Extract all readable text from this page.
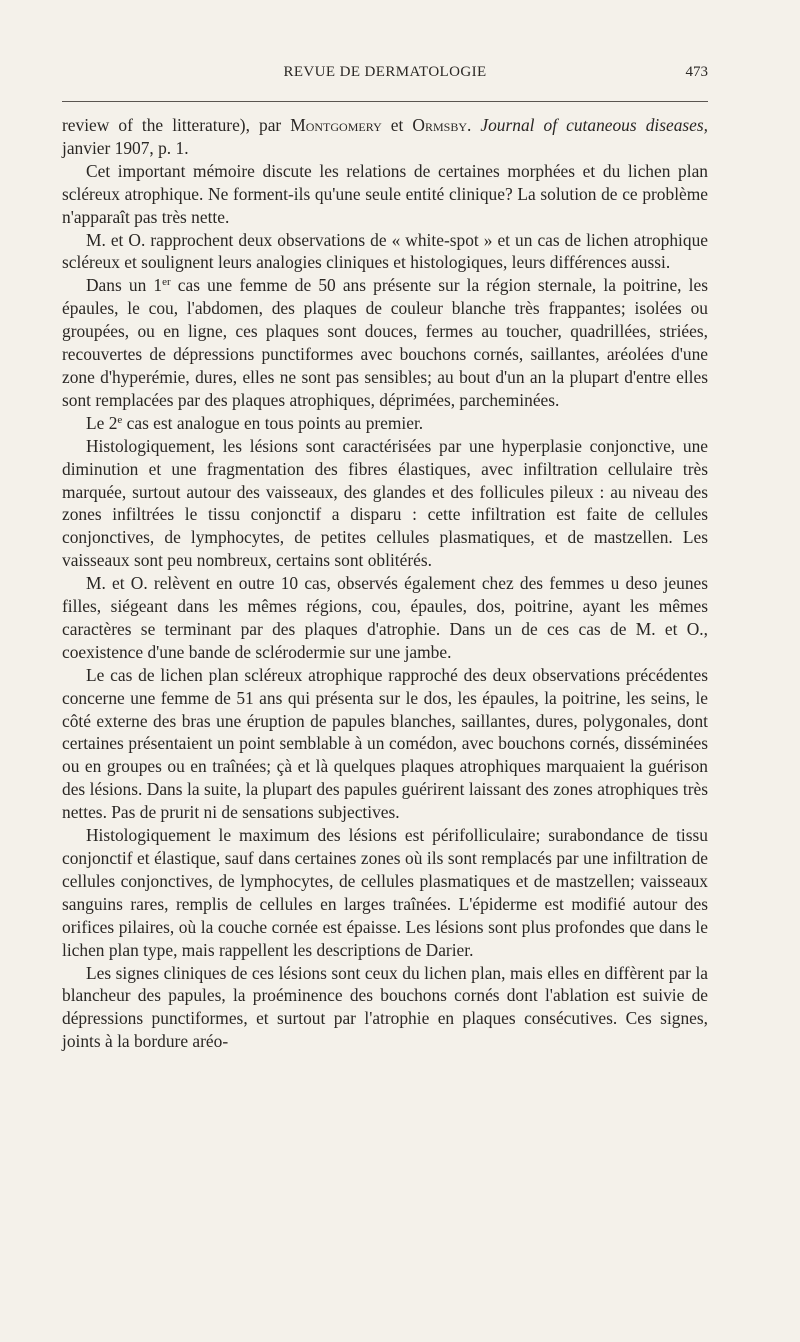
REVUE DE DERMATOLOGIE	473

review of the litterature), par Montgomery et Ormsby. Journal of cutaneous diseases, janvier 1907, p. 1.

Cet important mémoire discute les relations de certaines morphées et du lichen plan scléreux atrophique. Ne forment-ils qu'une seule entité clinique? La solution de ce problème n'apparaît pas très nette.

M. et O. rapprochent deux observations de « white-spot » et un cas de lichen atrophique scléreux et soulignent leurs analogies cliniques et histologiques, leurs différences aussi.

Dans un 1er cas une femme de 50 ans présente sur la région sternale, la poitrine, les épaules, le cou, l'abdomen, des plaques de couleur blanche très frappantes; isolées ou groupées, ou en ligne, ces plaques sont douces, fermes au toucher, quadrillées, striées, recouvertes de dépressions punctiformes avec bouchons cornés, saillantes, aréolées d'une zone d'hyperémie, dures, elles ne sont pas sensibles; au bout d'un an la plupart d'entre elles sont remplacées par des plaques atrophiques, déprimées, parcheminées.

Le 2e cas est analogue en tous points au premier.

Histologiquement, les lésions sont caractérisées par une hyperplasie conjonctive, une diminution et une fragmentation des fibres élastiques, avec infiltration cellulaire très marquée, surtout autour des vaisseaux, des glandes et des follicules pileux : au niveau des zones infiltrées le tissu conjonctif a disparu : cette infiltration est faite de cellules conjonctives, de lymphocytes, de petites cellules plasmatiques, et de mastzellen. Les vaisseaux sont peu nombreux, certains sont oblitérés.

M. et O. relèvent en outre 10 cas, observés également chez des femmes u deso jeunes filles, siégeant dans les mêmes régions, cou, épaules, dos, poitrine, ayant les mêmes caractères se terminant par des plaques d'atrophie. Dans un de ces cas de M. et O., coexistence d'une bande de sclérodermie sur une jambe.

Le cas de lichen plan scléreux atrophique rapproché des deux observations précédentes concerne une femme de 51 ans qui présenta sur le dos, les épaules, la poitrine, les seins, le côté externe des bras une éruption de papules blanches, saillantes, dures, polygonales, dont certaines présentaient un point semblable à un comédon, avec bouchons cornés, disséminées ou en groupes ou en traînées; çà et là quelques plaques atrophiques marquaient la guérison des lésions. Dans la suite, la plupart des papules guérirent laissant des zones atrophiques très nettes. Pas de prurit ni de sensations subjectives.

Histologiquement le maximum des lésions est périfolliculaire; surabondance de tissu conjonctif et élastique, sauf dans certaines zones où ils sont remplacés par une infiltration de cellules conjonctives, de lymphocytes, de cellules plasmatiques et de mastzellen; vaisseaux sanguins rares, remplis de cellules en larges traînées. L'épiderme est modifié autour des orifices pilaires, où la couche cornée est épaisse. Les lésions sont plus profondes que dans le lichen plan type, mais rappellent les descriptions de Darier.

Les signes cliniques de ces lésions sont ceux du lichen plan, mais elles en diffèrent par la blancheur des papules, la proéminence des bouchons cornés dont l'ablation est suivie de dépressions punctiformes, et surtout par l'atrophie en plaques consécutives. Ces signes, joints à la bordure aréo-
